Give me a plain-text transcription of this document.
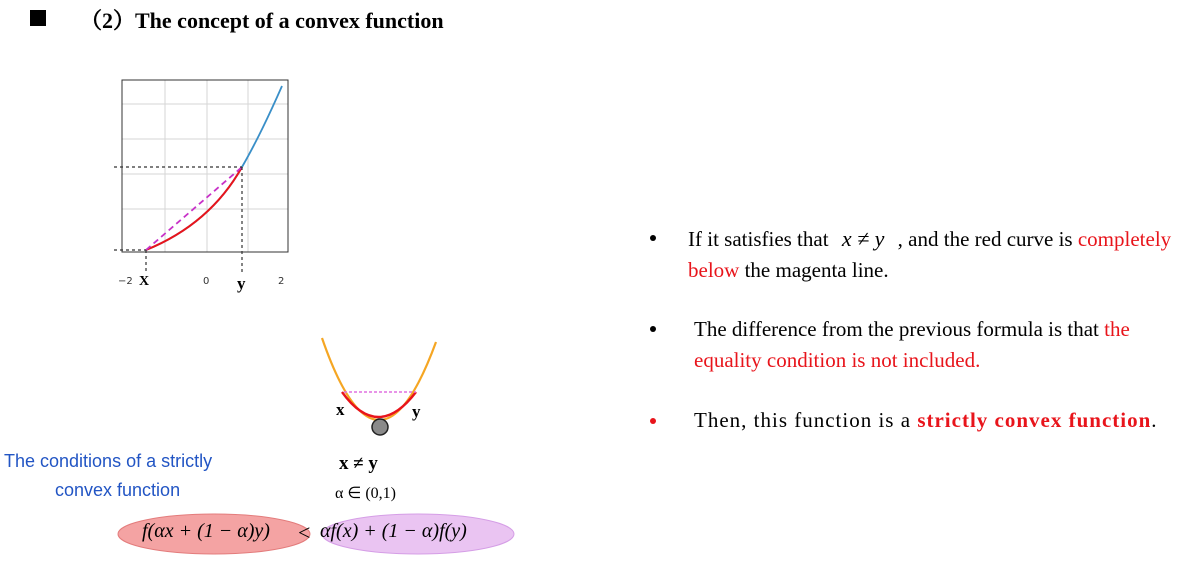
（2）The concept of a convex function
−2	0	2
X	y
x	y
The conditions of a strictly
convex function
x ≠ y
α ∈ (0,1)
f(αx + (1 − α)y) < αf(x) + (1 − α)f(y)
If it satisfies that x ≠ y , and the red curve is completely below the magenta line.
The difference from the previous formula is that the equality condition is not included.
Then, this function is a strictly convex function.
